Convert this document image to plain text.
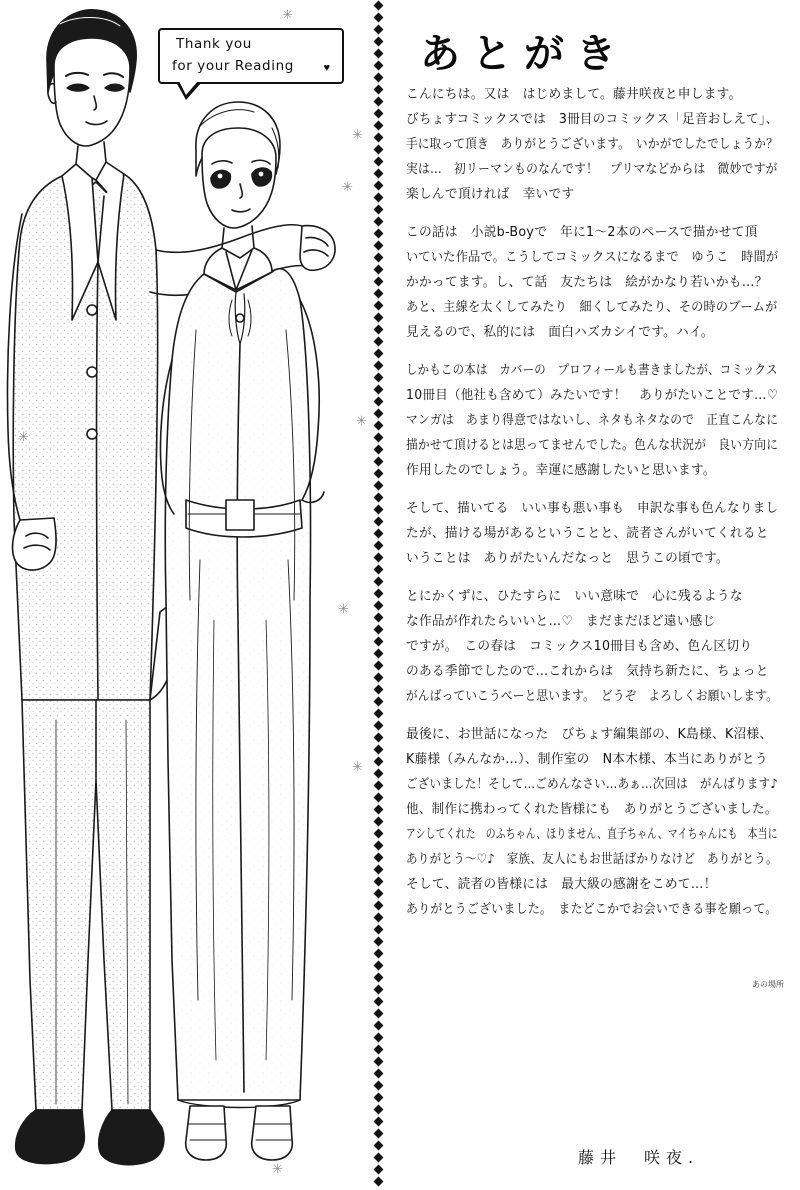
✳
✳
✳
✳
✳
✳
✳
✳
Thank you
for your Reading	♥ あとがき
こんにちは。又は　はじめまして。藤井咲夜と申します。
びちょすコミックスでは　3冊目のコミックス「足音おしえて」、
手に取って頂き　ありがとうございます。　いかがでしたでしょうか？
実は…　初リーマンものなんです！　プリマなどからは　微妙ですが
楽しんで頂ければ　幸いです
この話は　小説b-Boyで　年に1～2本のペースで描かせて頂
いていた作品で。こうしてコミックスになるまで　ゆうこ　時間が
かかってます。し、て話　友たちは　絵がかなり若いかも…？
あと、主線を太くしてみたり　細くしてみたり、その時のブームが
見えるので、私的には　面白ハズカシイです。ハイ。
しかもこの本は　カバーの　プロフィールも書きましたが、コミックス
10冊目（他社も含めて）みたいです！　ありがたいことです…♡
マンガは　あまり得意ではないし、ネタもネタなので　正直こんなに
描かせて頂けるとは思ってませんでした。色んな状況が　良い方向に
作用したのでしょう。幸運に感謝したいと思います。
そして、描いてる　いい事も悪い事も　申訳な事も色んなりまし
たが、描ける場があるということと、読者さんがいてくれると
いうことは　ありがたいんだなっと　思うこの頃です。
とにかくずに、ひたすらに　いい意味で　心に残るような
な作品が作れたらいいと…♡　まだまだほど遠い感じ
ですが。　この春は　コミックス10冊目も含め、色ん区切り
のある季節でしたので…これからは　気持ち新たに、ちょっと
がんばっていこうべーと思います。　どうぞ　よろしくお願いします。
最後に、お世話になった　びちょす編集部の、K島様、K沼様、
K藤様（みんなか…）、制作室の　N本木様、本当にありがとう
ございました！そして…ごめんなさい…あぁ…次回は　がんばります♪
他、制作に携わってくれた皆様にも　ありがとうございました。
アシしてくれた　のふちゃん、ほりません、直子ちゃん、マイちゃんにも　本当に
ありがとう～♡♪　家族、友人にもお世話ばかりなけど　ありがとう。
そして、読者の皆様には　最大級の感謝をこめて…！
ありがとうございました。　またどこかでお会いできる事を願って。
あの場所
藤井　咲夜.
